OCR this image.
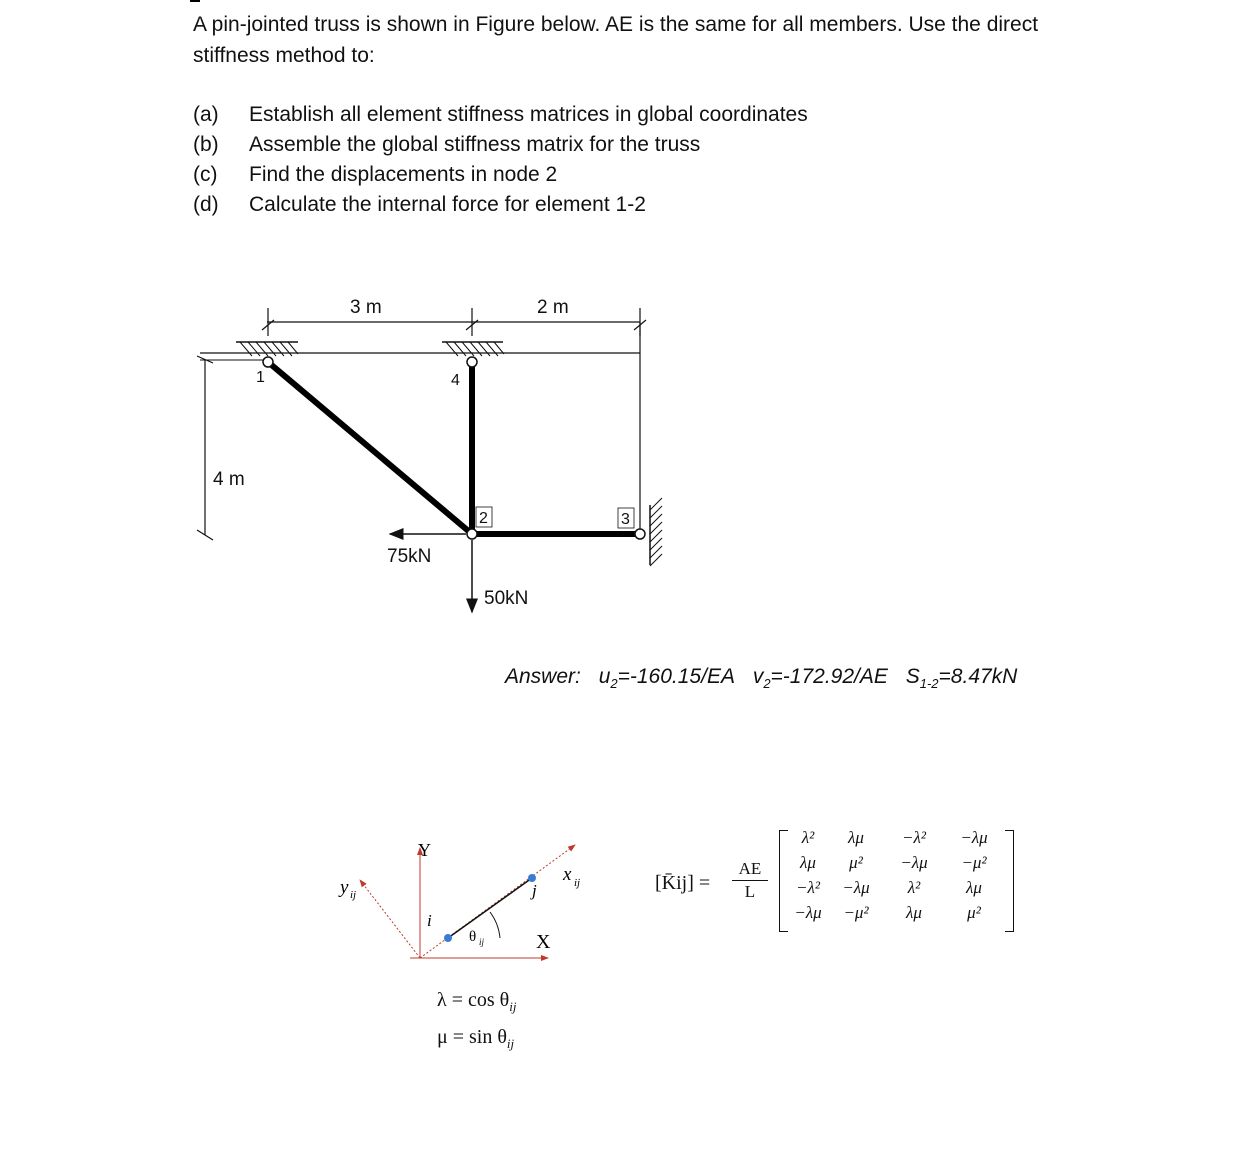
A pin-jointed truss is shown in Figure below. AE is the same for all members. Use the direct stiffness method to:
(a)	Establish all element stiffness matrices in global coordinates
(b)	Assemble the global stiffness matrix for the truss
(c)	Find the displacements in node 2
(d)	Calculate the internal force for element 1-2
3 m	2 m
4 m
1	4
2	3
75kN
50kN
Y
X
y ij
x ij
i
j
θ ij
Answer: $u_2=-160.15/EA$ $v_2=-172.92/AE$ $S_{1-2}=8.47kN$
$\lambda = \cos \theta_{ij}$
$\mu = \sin \theta_{ij}$
[K̄ij] = $\frac{AE}{L}$
λ²	λμ	−λ²	−λμ
λμ	μ²	−λμ	−μ²
−λ²	−λμ	λ²	λμ
−λμ	−μ²	λμ	μ²
